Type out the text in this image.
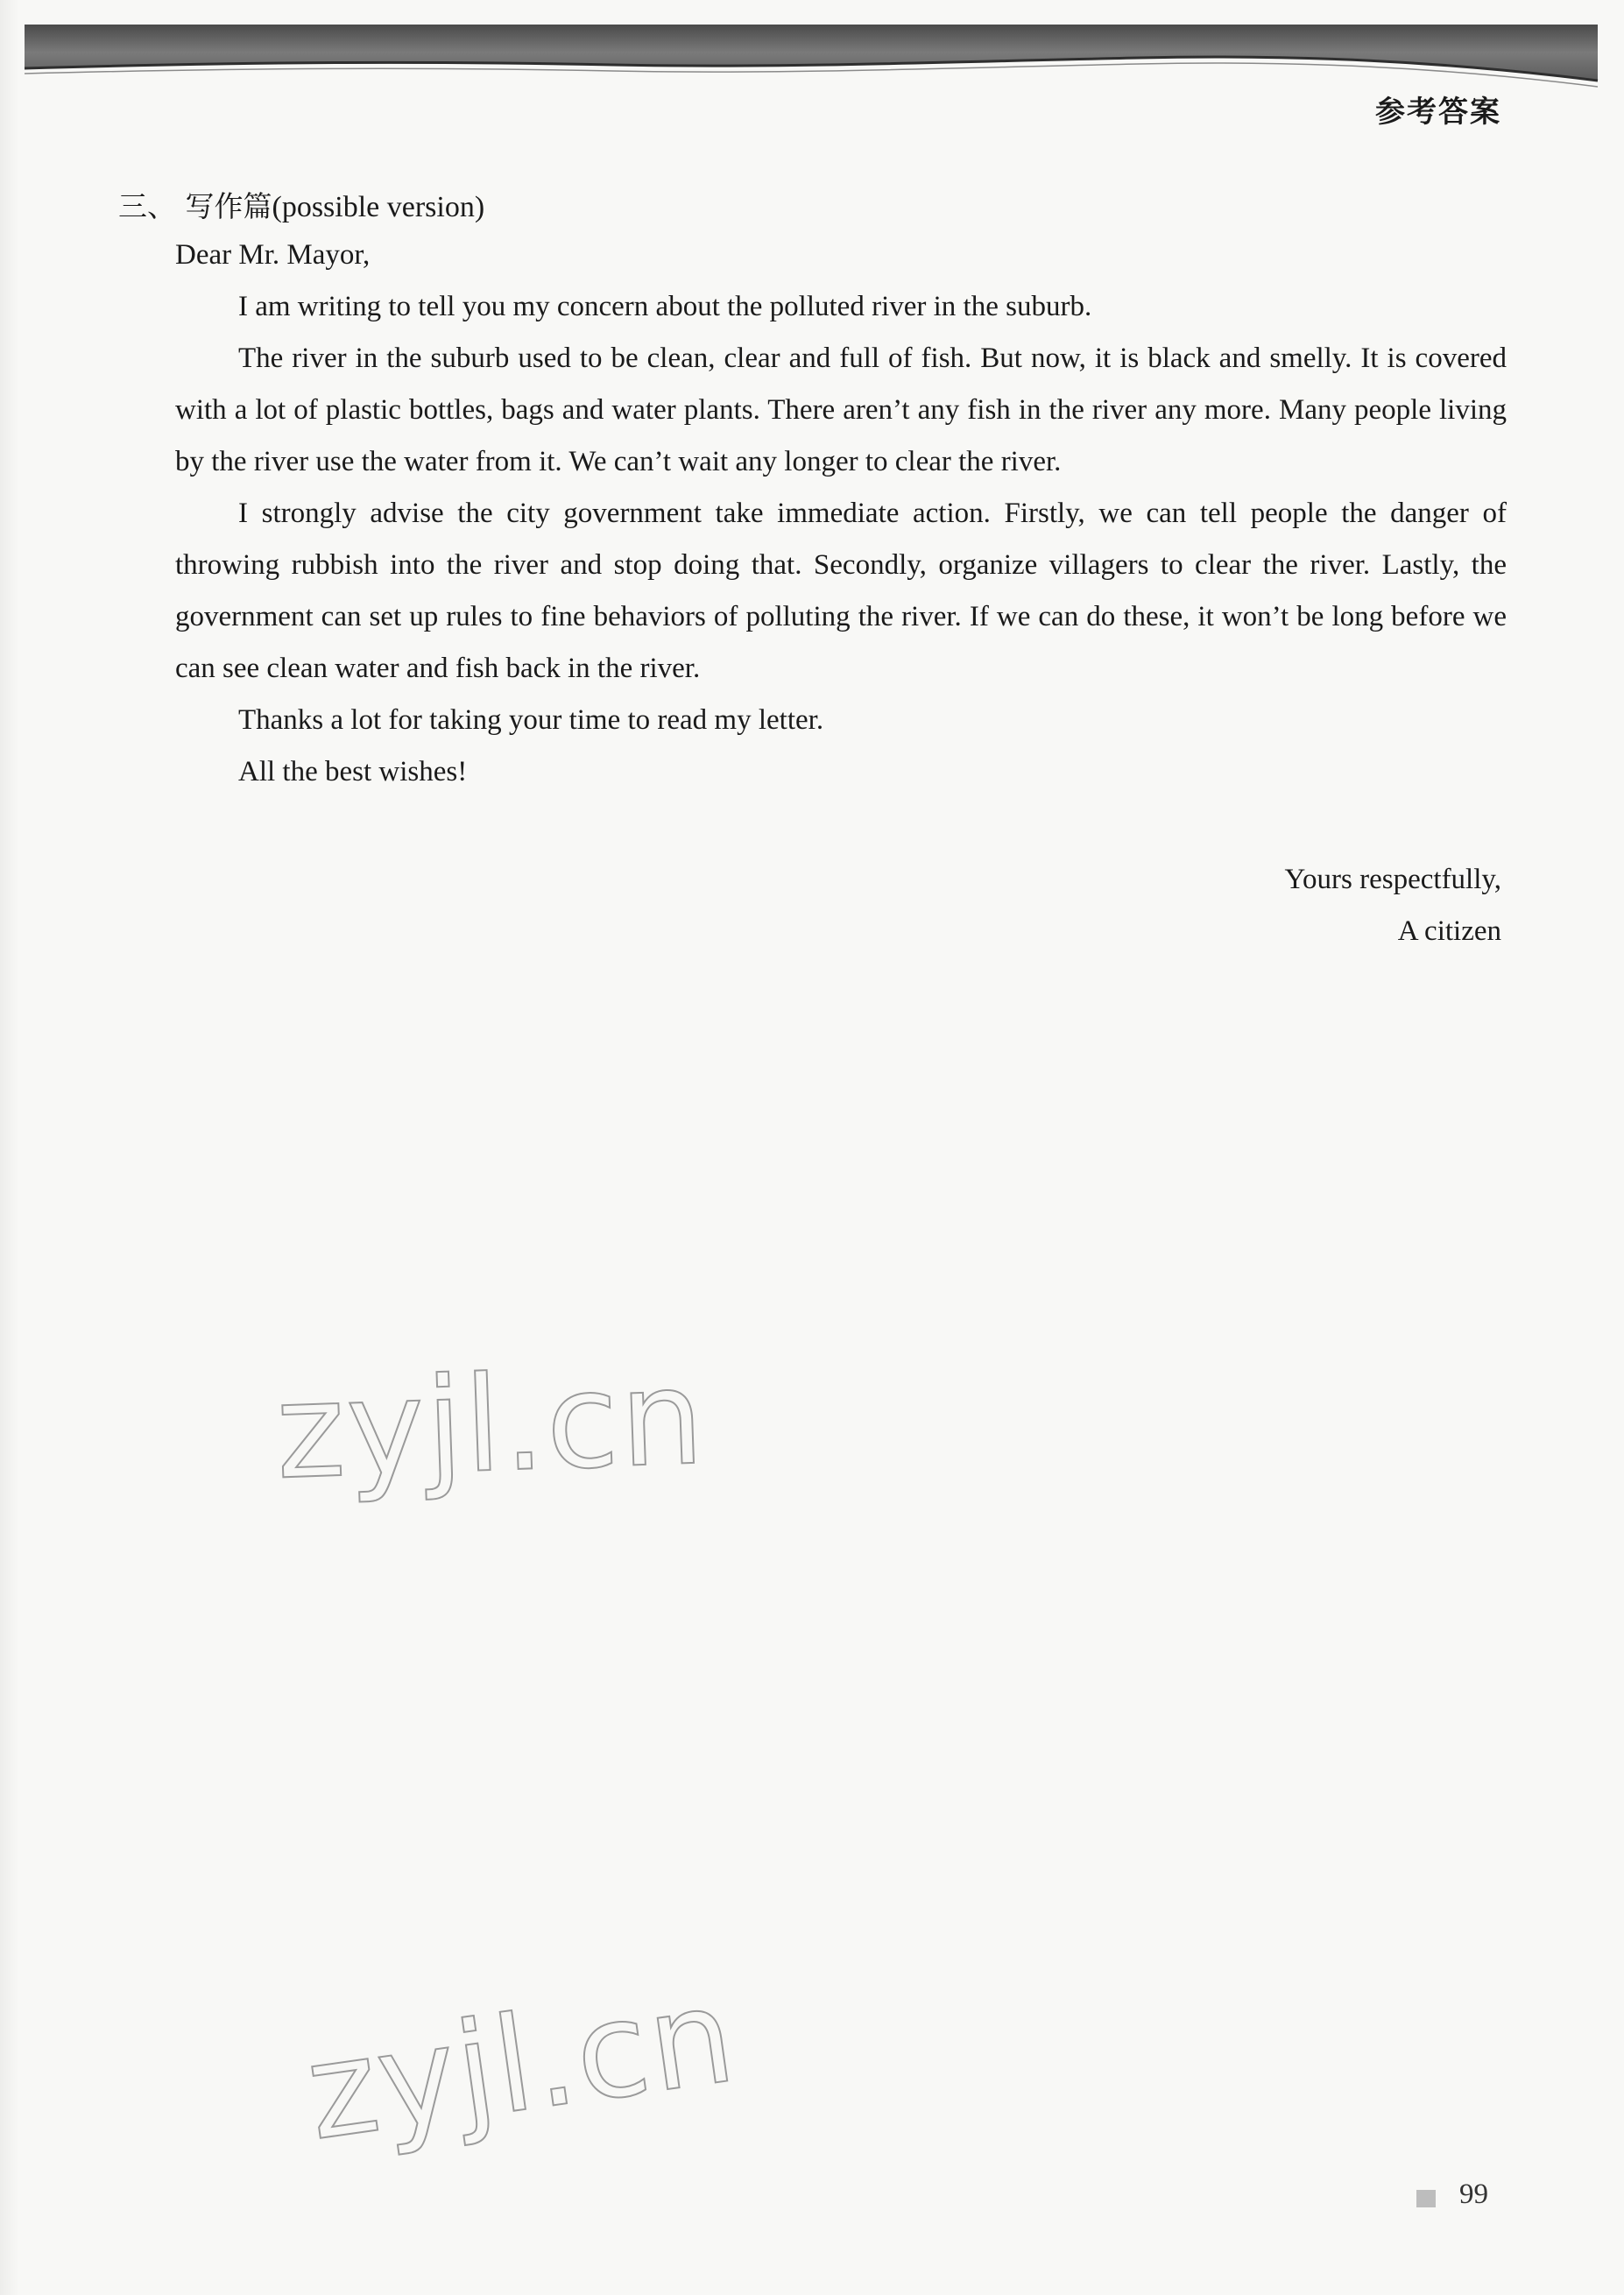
参考答案
三、 写作篇(possible version)

Dear Mr. Mayor,

I am writing to tell you my concern about the polluted river in the suburb.

The river in the suburb used to be clean, clear and full of fish. But now, it is black and smelly. It is covered with a lot of plastic bottles, bags and water plants. There aren’t any fish in the river any more. Many people living by the river use the water from it. We can’t wait any longer to clear the river.

I strongly advise the city government take immediate action. Firstly, we can tell people the danger of throwing rubbish into the river and stop doing that. Secondly, organize villagers to clear the river. Lastly, the government can set up rules to fine behaviors of polluting the river. If we can do these, it won’t be long before we can see clean water and fish back in the river.

Thanks a lot for taking your time to read my letter.

All the best wishes!

Yours respectfully,
A citizen
zyjl.cn
zyjl.cn
99
